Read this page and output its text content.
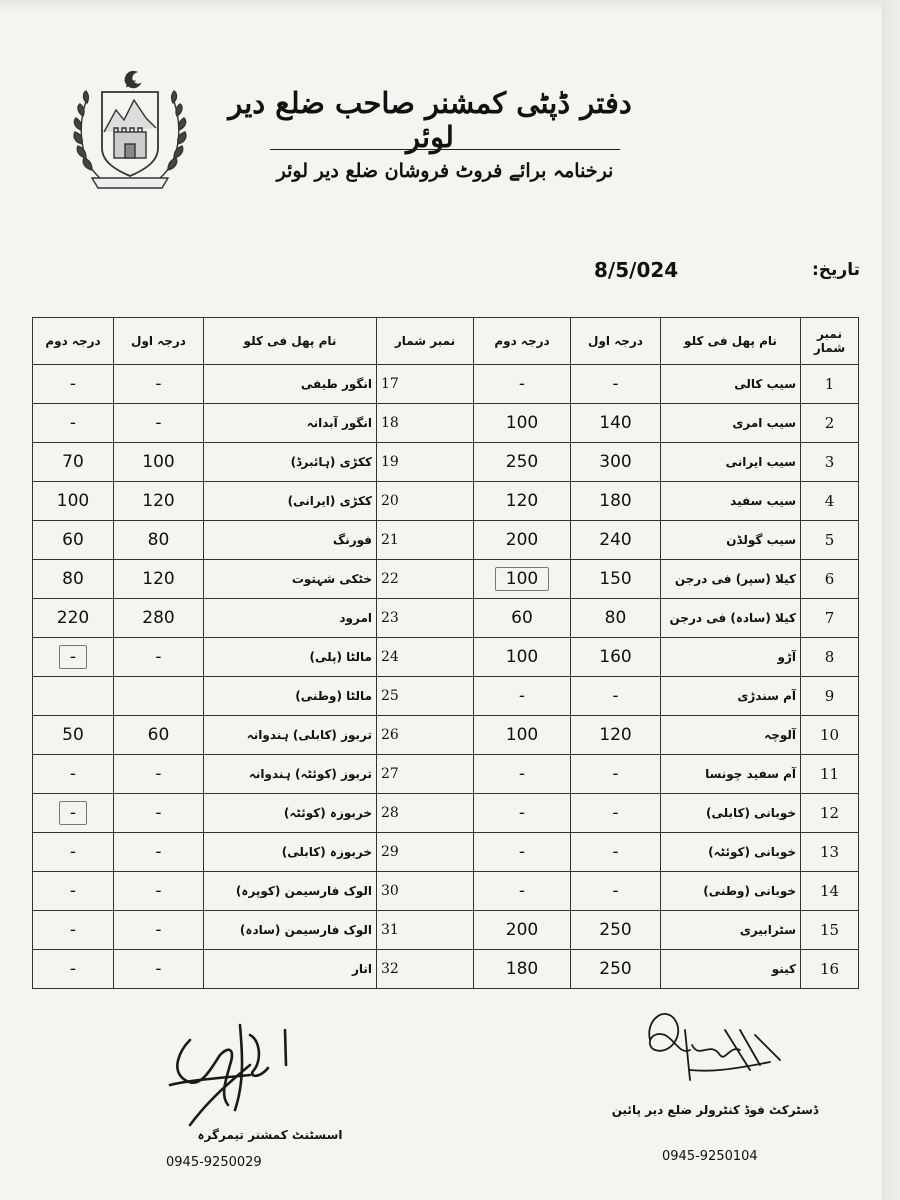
دفتر ڈپٹی کمشنر صاحب ضلع دیر لوئر
نرخنامہ برائے فروٹ فروشان ضلع دیر لوئر
تاریخ:
8/5/024
نمبر شمار	نام پھل فی کلو	درجہ اول	درجہ دوم	نمبر شمار	نام پھل فی کلو	درجہ اول	درجہ دوم
1	سیب کالی	-	-	17	انگور طیفی	-	-
2	سیب امری	140	100	18	انگور آبدانہ	-	-
3	سیب ایرانی	300	250	19	ککڑی (ہائبرڈ)	100	70
4	سیب سفید	180	120	20	ککڑی (ایرانی)	120	100
5	سیب گولڈن	240	200	21	فورنگ	80	60
6	کیلا (سپر) فی درجن	150	100	22	خٹکی شہتوت	120	80
7	کیلا (سادہ) فی درجن	80	60	23	امرود	280	220
8	آڑو	160	100	24	مالٹا (پلی)	-	-
9	آم سندڑی	-	-	25	مالٹا (وطنی)		
10	آلوچہ	120	100	26	تربوز (کابلی) ہندوانہ	60	50
11	آم سفید چونسا	-	-	27	تربوز (کوئٹہ) ہندوانہ	-	-
12	خوبانی (کابلی)	-	-	28	خربوزہ (کوئٹہ)	-	-
13	خوبانی (کوئٹہ)	-	-	29	خربوزہ (کابلی)	-	-
14	خوبانی (وطنی)	-	-	30	الوک فارسیمن (کوپرہ)	-	-
15	سٹرابیری	250	200	31	الوک فارسیمن (سادہ)	-	-
16	کینو	250	180	32	انار	-	-
اسسٹنٹ کمشنر تیمرگرہ
0945-9250029
ڈسٹرکٹ فوڈ کنٹرولر ضلع دیر پائین
0945-9250104
